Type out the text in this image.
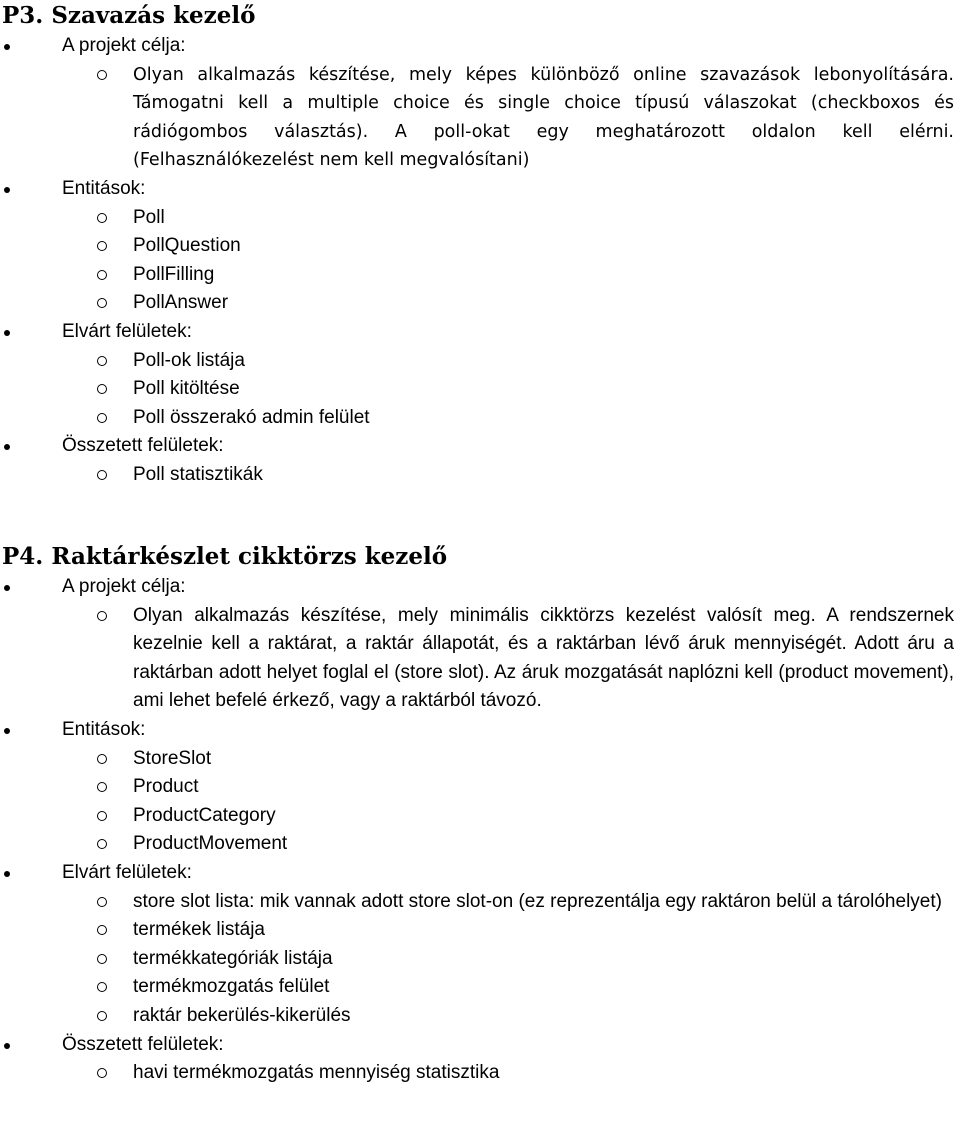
P3. Szavazás kezelő
A projekt célja:
Olyan alkalmazás készítése, mely képes különböző online szavazások lebonyolítására. Támogatni kell a multiple choice és single choice típusú válaszokat (checkboxos és rádiógombos választás). A poll-okat egy meghatározott oldalon kell elérni. (Felhasználókezelést nem kell megvalósítani)
Entitások:
Poll
PollQuestion
PollFilling
PollAnswer
Elvárt felületek:
Poll-ok listája
Poll kitöltése
Poll összerakó admin felület
Összetett felületek:
Poll statisztikák
P4. Raktárkészlet cikktörzs kezelő
A projekt célja:
Olyan alkalmazás készítése, mely minimális cikktörzs kezelést valósít meg. A rendszernek kezelnie kell a raktárat, a raktár állapotát, és a raktárban lévő áruk mennyiségét. Adott áru a raktárban adott helyet foglal el (store slot). Az áruk mozgatását naplózni kell (product movement), ami lehet befelé érkező, vagy a raktárból távozó.
Entitások:
StoreSlot
Product
ProductCategory
ProductMovement
Elvárt felületek:
store slot lista: mik vannak adott store slot-on (ez reprezentálja egy raktáron belül a tárolóhelyet)
termékek listája
termékkategóriák listája
termékmozgatás felület
raktár bekerülés-kikerülés
Összetett felületek:
havi termékmozgatás mennyiség statisztika
